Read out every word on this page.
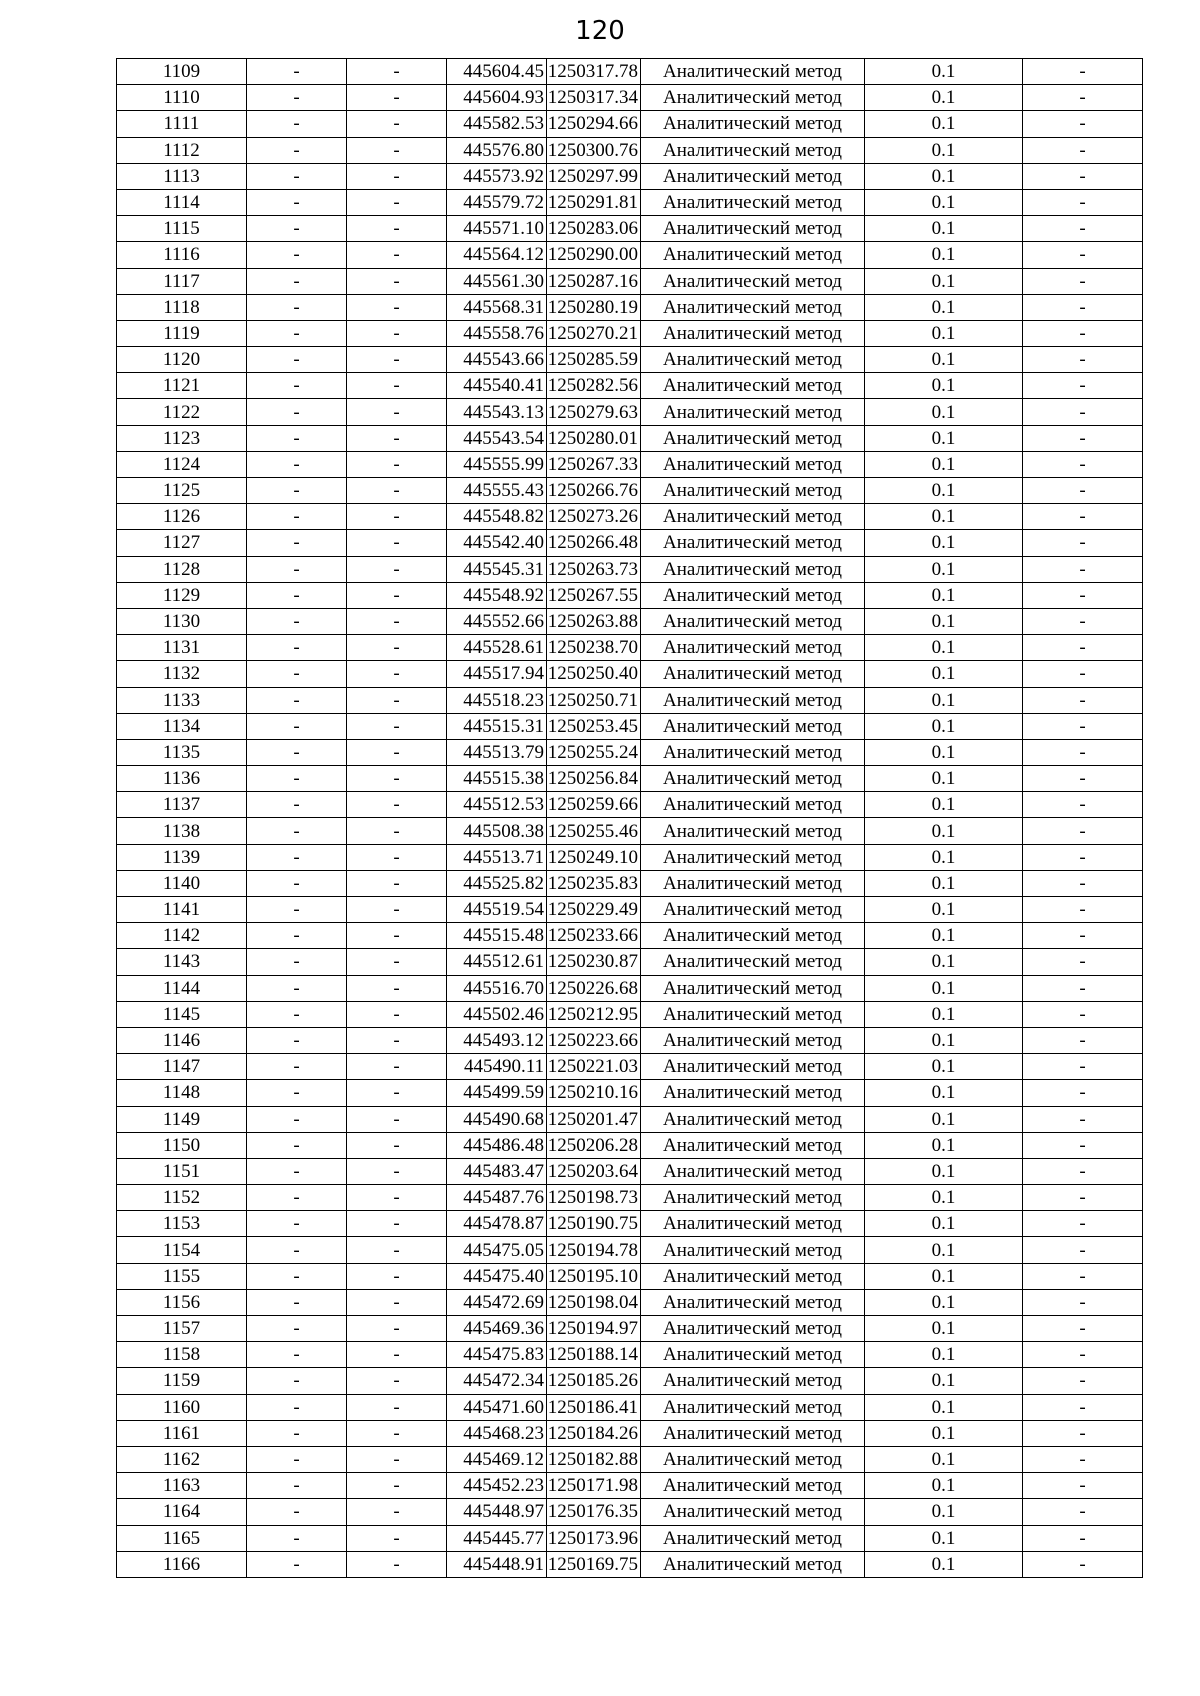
120
1109	-	-	445604.45	1250317.78	Аналитический метод	0.1	-
1110	-	-	445604.93	1250317.34	Аналитический метод	0.1	-
1111	-	-	445582.53	1250294.66	Аналитический метод	0.1	-
1112	-	-	445576.80	1250300.76	Аналитический метод	0.1	-
1113	-	-	445573.92	1250297.99	Аналитический метод	0.1	-
1114	-	-	445579.72	1250291.81	Аналитический метод	0.1	-
1115	-	-	445571.10	1250283.06	Аналитический метод	0.1	-
1116	-	-	445564.12	1250290.00	Аналитический метод	0.1	-
1117	-	-	445561.30	1250287.16	Аналитический метод	0.1	-
1118	-	-	445568.31	1250280.19	Аналитический метод	0.1	-
1119	-	-	445558.76	1250270.21	Аналитический метод	0.1	-
1120	-	-	445543.66	1250285.59	Аналитический метод	0.1	-
1121	-	-	445540.41	1250282.56	Аналитический метод	0.1	-
1122	-	-	445543.13	1250279.63	Аналитический метод	0.1	-
1123	-	-	445543.54	1250280.01	Аналитический метод	0.1	-
1124	-	-	445555.99	1250267.33	Аналитический метод	0.1	-
1125	-	-	445555.43	1250266.76	Аналитический метод	0.1	-
1126	-	-	445548.82	1250273.26	Аналитический метод	0.1	-
1127	-	-	445542.40	1250266.48	Аналитический метод	0.1	-
1128	-	-	445545.31	1250263.73	Аналитический метод	0.1	-
1129	-	-	445548.92	1250267.55	Аналитический метод	0.1	-
1130	-	-	445552.66	1250263.88	Аналитический метод	0.1	-
1131	-	-	445528.61	1250238.70	Аналитический метод	0.1	-
1132	-	-	445517.94	1250250.40	Аналитический метод	0.1	-
1133	-	-	445518.23	1250250.71	Аналитический метод	0.1	-
1134	-	-	445515.31	1250253.45	Аналитический метод	0.1	-
1135	-	-	445513.79	1250255.24	Аналитический метод	0.1	-
1136	-	-	445515.38	1250256.84	Аналитический метод	0.1	-
1137	-	-	445512.53	1250259.66	Аналитический метод	0.1	-
1138	-	-	445508.38	1250255.46	Аналитический метод	0.1	-
1139	-	-	445513.71	1250249.10	Аналитический метод	0.1	-
1140	-	-	445525.82	1250235.83	Аналитический метод	0.1	-
1141	-	-	445519.54	1250229.49	Аналитический метод	0.1	-
1142	-	-	445515.48	1250233.66	Аналитический метод	0.1	-
1143	-	-	445512.61	1250230.87	Аналитический метод	0.1	-
1144	-	-	445516.70	1250226.68	Аналитический метод	0.1	-
1145	-	-	445502.46	1250212.95	Аналитический метод	0.1	-
1146	-	-	445493.12	1250223.66	Аналитический метод	0.1	-
1147	-	-	445490.11	1250221.03	Аналитический метод	0.1	-
1148	-	-	445499.59	1250210.16	Аналитический метод	0.1	-
1149	-	-	445490.68	1250201.47	Аналитический метод	0.1	-
1150	-	-	445486.48	1250206.28	Аналитический метод	0.1	-
1151	-	-	445483.47	1250203.64	Аналитический метод	0.1	-
1152	-	-	445487.76	1250198.73	Аналитический метод	0.1	-
1153	-	-	445478.87	1250190.75	Аналитический метод	0.1	-
1154	-	-	445475.05	1250194.78	Аналитический метод	0.1	-
1155	-	-	445475.40	1250195.10	Аналитический метод	0.1	-
1156	-	-	445472.69	1250198.04	Аналитический метод	0.1	-
1157	-	-	445469.36	1250194.97	Аналитический метод	0.1	-
1158	-	-	445475.83	1250188.14	Аналитический метод	0.1	-
1159	-	-	445472.34	1250185.26	Аналитический метод	0.1	-
1160	-	-	445471.60	1250186.41	Аналитический метод	0.1	-
1161	-	-	445468.23	1250184.26	Аналитический метод	0.1	-
1162	-	-	445469.12	1250182.88	Аналитический метод	0.1	-
1163	-	-	445452.23	1250171.98	Аналитический метод	0.1	-
1164	-	-	445448.97	1250176.35	Аналитический метод	0.1	-
1165	-	-	445445.77	1250173.96	Аналитический метод	0.1	-
1166	-	-	445448.91	1250169.75	Аналитический метод	0.1	-
